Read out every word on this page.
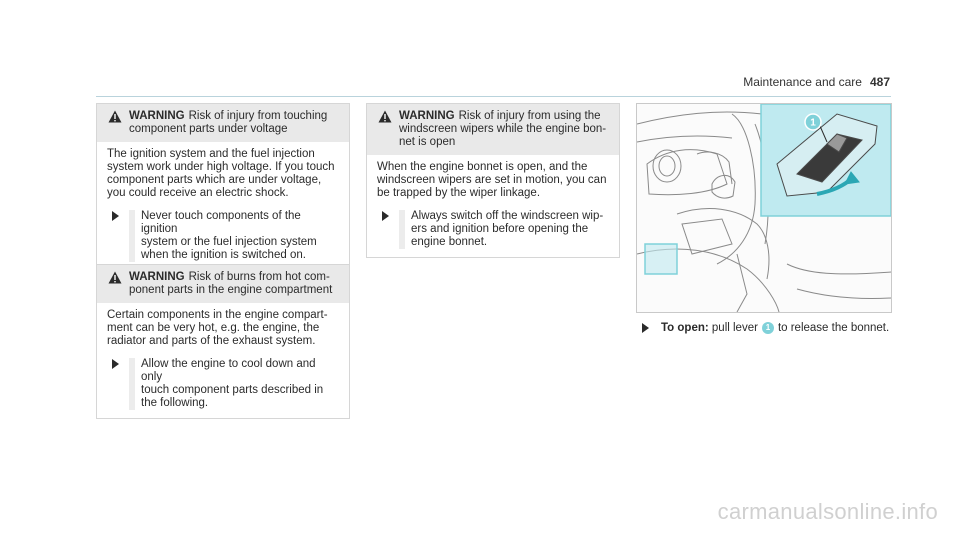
Maintenance and care 487
WARNING Risk of injury from touching
component parts under voltage
The ignition system and the fuel injection
system work under high voltage. If you touch
component parts which are under voltage,
you could receive an electric shock.
Never touch components of the ignition
system or the fuel injection system
when the ignition is switched on.
WARNING Risk of burns from hot com-
ponent parts in the engine compartment
Certain components in the engine compart-
ment can be very hot, e.g. the engine, the
radiator and parts of the exhaust system.
Allow the engine to cool down and only
touch component parts described in
the following.
WARNING Risk of injury from using the
windscreen wipers while the engine bon-
net is open
When the engine bonnet is open, and the
windscreen wipers are set in motion, you can
be trapped by the wiper linkage.
Always switch off the windscreen wip-
ers and ignition before opening the
engine bonnet.
1
To open:
pull lever 1 to release the bonnet.
carmanualsonline.info
